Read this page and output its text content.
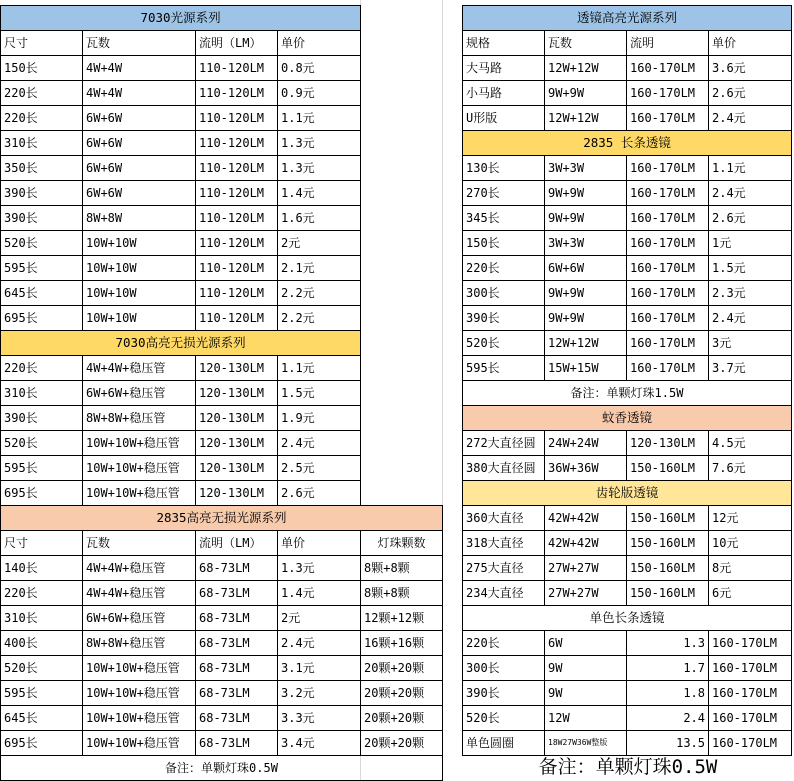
7030光源系列			
尺寸	瓦数	流明（LM）	单价
150长	4W+4W	110-120LM	0.8元
220长	4W+4W	110-120LM	0.9元
220长	6W+6W	110-120LM	1.1元
310长	6W+6W	110-120LM	1.3元
350长	6W+6W	110-120LM	1.3元
390长	6W+6W	110-120LM	1.4元
390长	8W+8W	110-120LM	1.6元
520长	10W+10W	110-120LM	2元
595长	10W+10W	110-120LM	2.1元
645长	10W+10W	110-120LM	2.2元
695长	10W+10W	110-120LM	2.2元
7030高亮无损光源系列			
220长	4W+4W+稳压管	120-130LM	1.1元
310长	6W+6W+稳压管	120-130LM	1.5元
390长	8W+8W+稳压管	120-130LM	1.9元
520长	10W+10W+稳压管	120-130LM	2.4元
595长	10W+10W+稳压管	120-130LM	2.5元
695长	10W+10W+稳压管	120-130LM	2.6元
2835高亮无损光源系列				
尺寸	瓦数	流明（LM）	单价	灯珠颗数
140长	4W+4W+稳压管	68-73LM	1.3元	8颗+8颗
220长	4W+4W+稳压管	68-73LM	1.4元	8颗+8颗
310长	6W+6W+稳压管	68-73LM	2元	12颗+12颗
400长	8W+8W+稳压管	68-73LM	2.4元	16颗+16颗
520长	10W+10W+稳压管	68-73LM	3.1元	20颗+20颗
595长	10W+10W+稳压管	68-73LM	3.2元	20颗+20颗
645长	10W+10W+稳压管	68-73LM	3.3元	20颗+20颗
695长	10W+10W+稳压管	68-73LM	3.4元	20颗+20颗
备注：单颗灯珠0.5W				
透镜高亮光源系列			
规格	瓦数	流明	单价
大马路	12W+12W	160-170LM	3.6元
小马路	9W+9W	160-170LM	2.6元
U形版	12W+12W	160-170LM	2.4元
2835 长条透镜			
130长	3W+3W	160-170LM	1.1元
270长	9W+9W	160-170LM	2.4元
345长	9W+9W	160-170LM	2.6元
150长	3W+3W	160-170LM	1元
220长	6W+6W	160-170LM	1.5元
300长	9W+9W	160-170LM	2.3元
390长	9W+9W	160-170LM	2.4元
520长	12W+12W	160-170LM	3元
595长	15W+15W	160-170LM	3.7元
备注：单颗灯珠1.5W			
蚊香透镜			
272大直径圆	24W+24W	120-130LM	4.5元
380大直径圆	36W+36W	150-160LM	7.6元
齿轮版透镜			
360大直径	42W+42W	150-160LM	12元
318大直径	42W+42W	150-160LM	10元
275大直径	27W+27W	150-160LM	8元
234大直径	27W+27W	150-160LM	6元
单色长条透镜			
220长	6W	1.3	160-170LM
300长	9W	1.7	160-170LM
390长	9W	1.8	160-170LM
520长	12W	2.4	160-170LM
单色圆圈	18W27W36W整版	13.5	160-170LM
备注：单颗灯珠0.5W
